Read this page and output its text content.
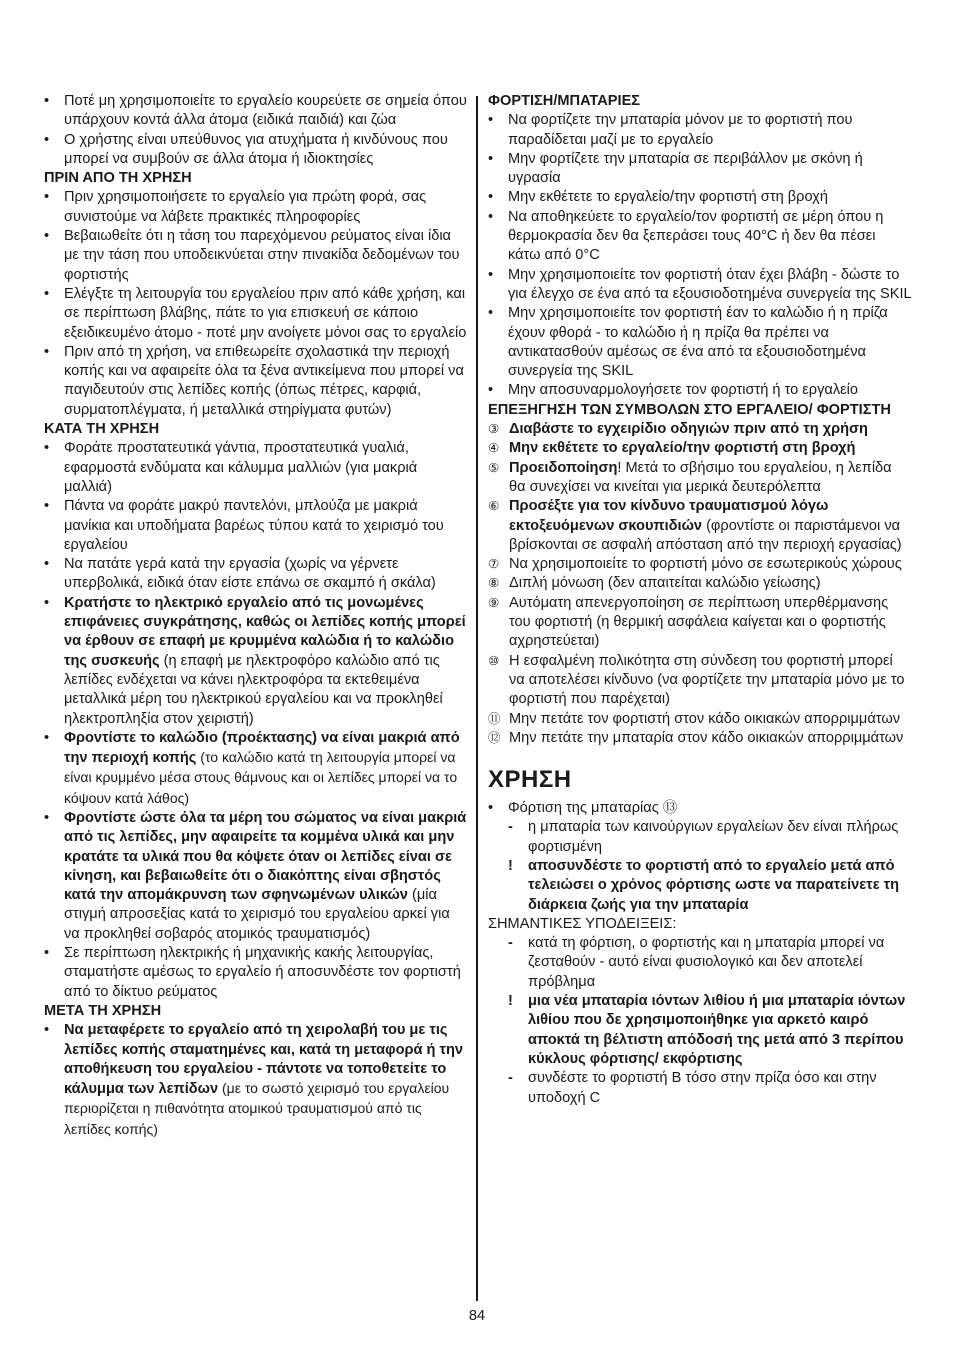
• Ποτέ μη χρησιμοποιείτε το εργαλείο κουρεύετε σε σημεία όπου υπάρχουν κοντά άλλα άτομα (ειδικά παιδιά) και ζώα
• Ο χρήστης είναι υπεύθυνος για ατυχήματα ή κινδύνους που μπορεί να συμβούν σε άλλα άτομα ή ιδιοκτησίες
ΠΡΙΝ ΑΠΟ ΤΗ ΧΡΗΣΗ
• Πριν χρησιμοποιήσετε το εργαλείο για πρώτη φορά, σας συνιστούμε να λάβετε πρακτικές πληροφορίες
• Βεβαιωθείτε ότι η τάση του παρεχόμενου ρεύματος είναι ίδια με την τάση που υποδεικνύεται στην πινακίδα δεδομένων του φορτιστής
• Ελέγξτε τη λειτουργία του εργαλείου πριν από κάθε χρήση, και σε περίπτωση βλάβης, πάτε το για επισκευή σε κάποιο εξειδικευμένο άτομο - ποτέ μην ανοίγετε μόνοι σας το εργαλείο
• Πριν από τη χρήση, να επιθεωρείτε σχολαστικά την περιοχή κοπής και να αφαιρείτε όλα τα ξένα αντικείμενα που μπορεί να παγιδευτούν στις λεπίδες κοπής (όπως πέτρες, καρφιά, συρματοπλέγματα, ή μεταλλικά στηρίγματα φυτών)
ΚΑΤΑ ΤΗ ΧΡΗΣΗ
• Φοράτε προστατευτικά γάντια, προστατευτικά γυαλιά, εφαρμοστά ενδύματα και κάλυμμα μαλλιών (για μακριά μαλλιά)
• Πάντα να φοράτε μακρύ παντελόνι, μπλούζα με μακριά μανίκια και υποδήματα βαρέως τύπου κατά το χειρισμό του εργαλείου
• Να πατάτε γερά κατά την εργασία (χωρίς να γέρνετε υπερβολικά, ειδικά όταν είστε επάνω σε σκαμπό ή σκάλα)
• Κρατήστε το ηλεκτρικό εργαλείο από τις μονωμένες επιφάνειες συγκράτησης, καθώς οι λεπίδες κοπής μπορεί να έρθουν σε επαφή με κρυμμένα καλώδια ή το καλώδιο της συσκευής (η επαφή με ηλεκτροφόρο καλώδιο από τις λεπίδες ενδέχεται να κάνει ηλεκτροφόρα τα εκτεθειμένα μεταλλικά μέρη του ηλεκτρικού εργαλείου και να προκληθεί ηλεκτροπληξία στον χειριστή)
• Φροντίστε το καλώδιο (προέκτασης) να είναι μακριά από την περιοχή κοπής (το καλώδιο κατά τη λειτουργία μπορεί να είναι κρυμμένο μέσα στους θάμνους και οι λεπίδες μπορεί να το κόψουν κατά λάθος)
• Φροντίστε ώστε όλα τα μέρη του σώματος να είναι μακριά από τις λεπίδες, μην αφαιρείτε τα κομμένα υλικά και μην κρατάτε τα υλικά που θα κόψετε όταν οι λεπίδες είναι σε κίνηση, και βεβαιωθείτε ότι ο διακόπτης είναι σβηστός κατά την απομάκρυνση των σφηνωμένων υλικών (μία στιγμή απροσεξίας κατά το χειρισμό του εργαλείου αρκεί για να προκληθεί σοβαρός ατομικός τραυματισμός)
• Σε περίπτωση ηλεκτρικής ή μηχανικής κακής λειτουργίας, σταματήστε αμέσως το εργαλείο ή αποσυνδέστε τον φορτιστή από το δίκτυο ρεύματος
ΜΕΤΑ ΤΗ ΧΡΗΣΗ
• Να μεταφέρετε το εργαλείο από τη χειρολαβή του με τις λεπίδες κοπής σταματημένες και, κατά τη μεταφορά ή την αποθήκευση του εργαλείου - πάντοτε να τοποθετείτε το κάλυμμα των λεπίδων (με το σωστό χειρισμό του εργαλείου περιορίζεται η πιθανότητα ατομικού τραυματισμού από τις λεπίδες κοπής)
ΦΟΡΤΙΣΗ/ΜΠΑΤΑΡΙΕΣ
• Να φορτίζετε την μπαταρία μόνον με το φορτιστή που παραδίδεται μαζί με το εργαλείο
• Μην φορτίζετε την μπαταρία σε περιβάλλον με σκόνη ή υγρασία
• Μην εκθέτετε το εργαλείο/την φορτιστή στη βροχή
• Να αποθηκεύετε το εργαλείο/τον φορτιστή σε μέρη όπου η θερμοκρασία δεν θα ξεπεράσει τους 40°C ή δεν θα πέσει κάτω από 0°C
• Μην χρησιμοποιείτε τον φορτιστή όταν έχει βλάβη - δώστε το για έλεγχο σε ένα από τα εξουσιοδοτημένα συνεργεία της SKIL
• Μην χρησιμοποιείτε τον φορτιστή έαν το καλώδιο ή η πρίζα έχουν φθορά - το καλώδιο ή η πρίζα θα πρέπει να αντικατασθούν αμέσως σε ένα από τα εξουσιοδοτημένα συνεργεία της SKIL
• Μην αποσυναρμολογήσετε τον φορτιστή ή το εργαλείο
ΕΠΕΞΗΓΗΣΗ ΤΩΝ ΣΥΜΒΟΛΩΝ ΣΤΟ ΕΡΓΑΛΕΙΟ/ ΦΟΡΤΙΣΤΗ
③ Διαβάστε το εγχειρίδιο οδηγιών πριν από τη χρήση
④ Μην εκθέτετε το εργαλείο/την φορτιστή στη βροχή
⑤ Προειδοποίηση! Μετά το σβήσιμο του εργαλείου, η λεπίδα θα συνεχίσει να κινείται για μερικά δευτερόλεπτα
⑥ Προσέξτε για τον κίνδυνο τραυματισμού λόγω εκτοξευόμενων σκουπιδιών (φροντίστε οι παριστάμενοι να βρίσκονται σε ασφαλή απόσταση από την περιοχή εργασίας)
⑦ Να χρησιμοποιείτε το φορτιστή μόνο σε εσωτερικούς χώρους
⑧ Διπλή μόνωση (δεν απαιτείται καλώδιο γείωσης)
⑨ Αυτόματη απενεργοποίηση σε περίπτωση υπερθέρμανσης του φορτιστή (η θερμική ασφάλεια καίγεται και ο φορτιστής αχρηστεύεται)
⑩ Η εσφαλμένη πολικότητα στη σύνδεση του φορτιστή μπορεί να αποτελέσει κίνδυνο (να φορτίζετε την μπαταρία μόνο με το φορτιστή που παρέχεται)
⑪ Μην πετάτε τον φορτιστή στον κάδο οικιακών απορριμμάτων
⑫ Μην πετάτε την μπαταρία στον κάδο οικιακών απορριμμάτων
ΧΡΗΣΗ
• Φόρτιση της μπαταρίας ⑬
- η μπαταρία των καινούργιων εργαλείων δεν είναι πλήρως φορτισμένη
! αποσυνδέστε το φορτιστή από το εργαλείο μετά από τελειώσει ο χρόνος φόρτισης ωστε να παρατείνετε τη διάρκεια ζωής για την μπαταρία
ΣΗΜΑΝΤΙΚΕΣ ΥΠΟΔΕΙΞΕΙΣ:
- κατά τη φόρτιση, ο φορτιστής και η μπαταρία μπορεί να ζεσταθούν - αυτό είναι φυσιολογικό και δεν αποτελεί πρόβλημα
! μια νέα μπαταρία ιόντων λιθίου ή μια μπαταρία ιόντων λιθίου που δε χρησιμοποιήθηκε για αρκετό καιρό αποκτά τη βέλτιστη απόδοσή της μετά από 3 περίπου κύκλους φόρτισης/ εκφόρτισης
- συνδέστε το φορτιστή B τόσο στην πρίζα όσο και στην υποδοχή C
84
